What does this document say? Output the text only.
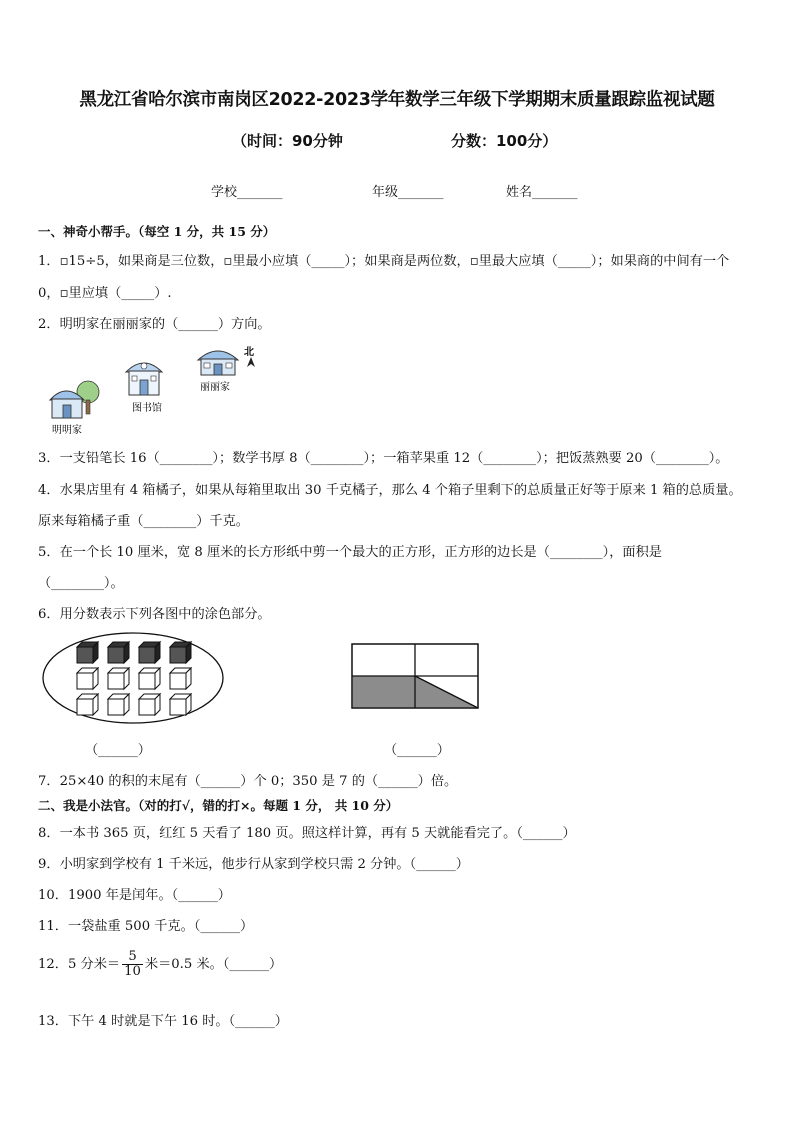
黑龙江省哈尔滨市南岗区2022-2023学年数学三年级下学期期末质量跟踪监视试题
（时间：90分钟	分数：100分）
学校_______	年级_______	姓名_______
一、神奇小帮手。（每空 1 分，共 15 分）
1．▫15÷5，如果商是三位数，▫里最小应填（_____）；如果商是两位数，▫里最大应填（_____）；如果商的中间有一个
0，▫里应填（_____）.
2．明明家在丽丽家的（______）方向。
丽丽家
北
图书馆
明明家
3．一支铅笔长 16（________）；数学书厚 8（________）；一箱苹果重 12（________）；把饭蒸熟要 20（________）。
4．水果店里有 4 箱橘子，如果从每箱里取出 30 千克橘子，那么 4 个箱子里剩下的总质量正好等于原来 1 箱的总质量。
原来每箱橘子重（________）千克。
5．在一个长 10 厘米，宽 8 厘米的长方形纸中剪一个最大的正方形，正方形的边长是（________），面积是
（________）。
6．用分数表示下列各图中的涂色部分。
（______）	（______）
7．25×40 的积的末尾有（______）个 0；350 是 7 的（______）倍。
二、我是小法官。（对的打√，错的打×。每题 1 分， 共 10 分）
8．一本书 365 页，红红 5 天看了 180 页。照这样计算，再有 5 天就能看完了。（______）
9．小明家到学校有 1 千米远，他步行从家到学校只需 2 分钟。（______）
10．1900 年是闰年。（______）
11．一袋盐重 500 千克。（______）
12．5 分米＝ $\frac{5}{10}$ 米＝0.5 米。（______）
13．下午 4 时就是下午 16 时。（______）
